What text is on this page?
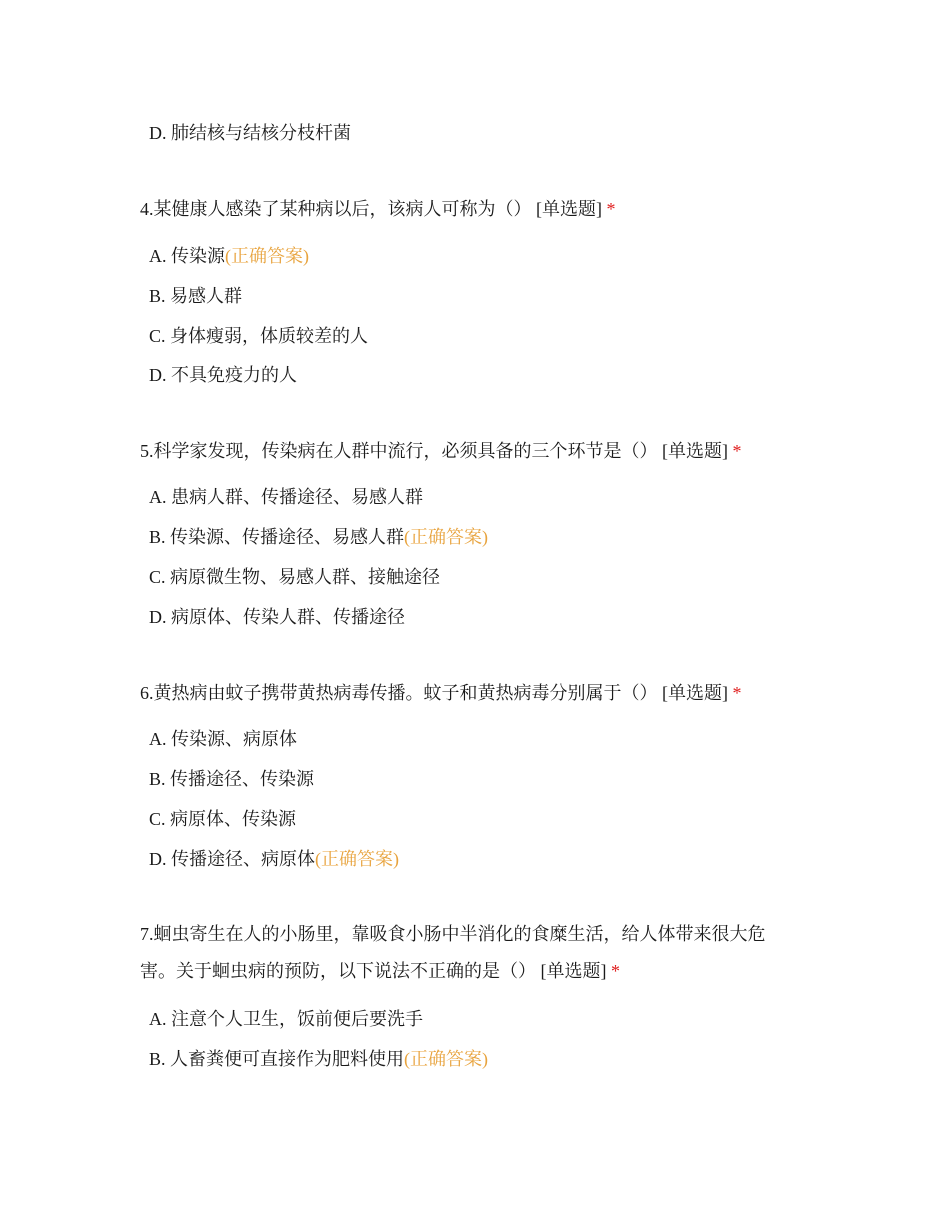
D. 肺结核与结核分枝杆菌
4.某健康人感染了某种病以后，该病人可称为（） [单选题] *
A. 传染源(正确答案)
B. 易感人群
C. 身体瘦弱，体质较差的人
D. 不具免疫力的人
5.科学家发现，传染病在人群中流行，必须具备的三个环节是（） [单选题] *
A. 患病人群、传播途径、易感人群
B. 传染源、传播途径、易感人群(正确答案)
C. 病原微生物、易感人群、接触途径
D. 病原体、传染人群、传播途径
6.黄热病由蚊子携带黄热病毒传播。蚊子和黄热病毒分别属于（） [单选题] *
A. 传染源、病原体
B. 传播途径、传染源
C. 病原体、传染源
D. 传播途径、病原体(正确答案)
7.蛔虫寄生在人的小肠里，靠吸食小肠中半消化的食糜生活，给人体带来很大危害。关于蛔虫病的预防，以下说法不正确的是（） [单选题] *
A. 注意个人卫生，饭前便后要洗手
B. 人畜粪便可直接作为肥料使用(正确答案)
